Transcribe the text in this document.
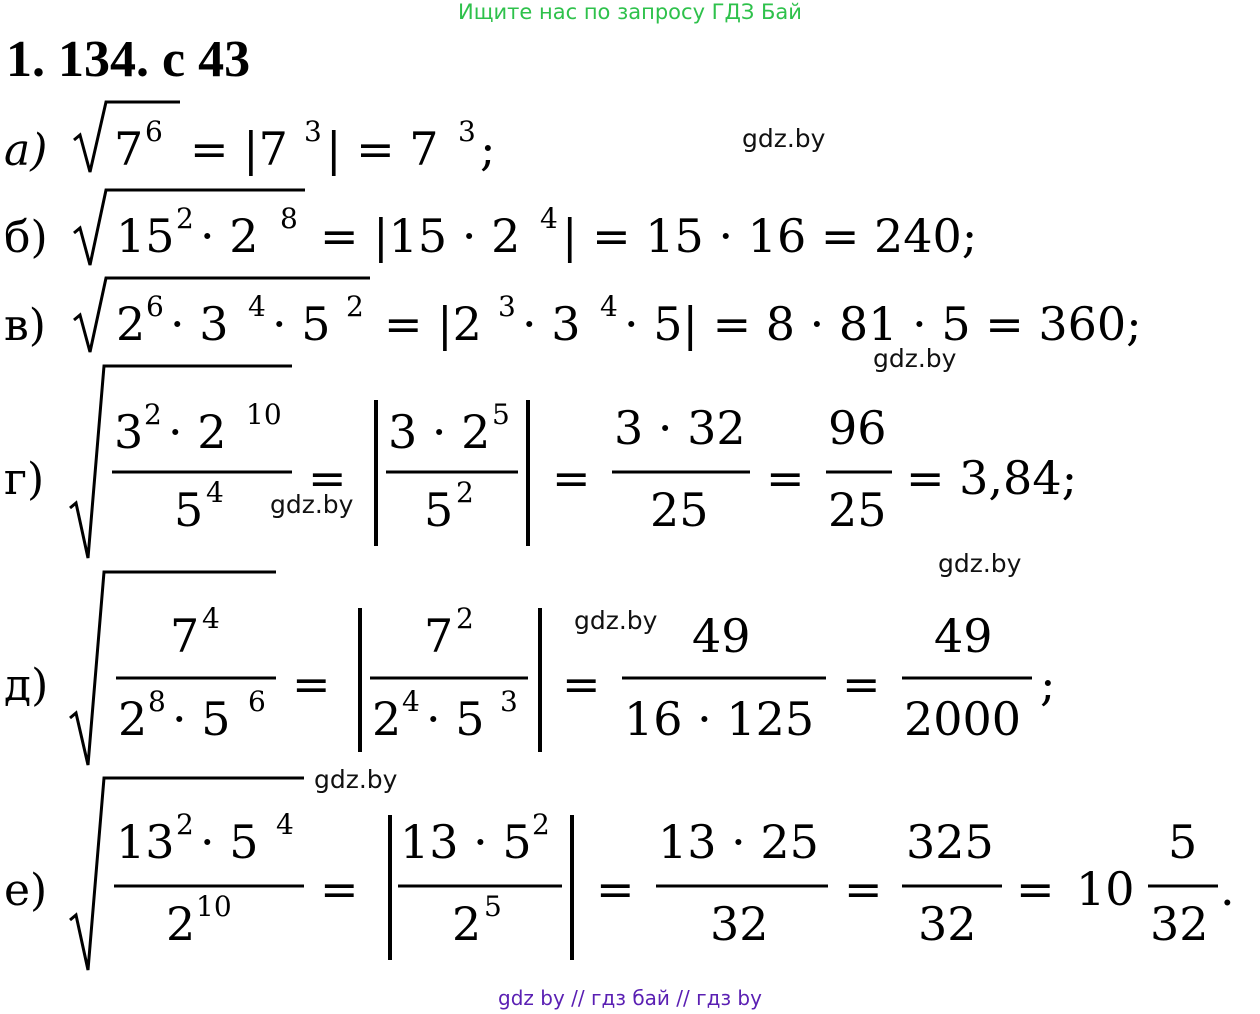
Ищите нас по запросу ГДЗ Бай
1. 134. с 43
gdz.by
gdz.by
gdz.by
gdz.by
gdz.by
gdz.by
a) 7 6 = |7 3 | = 7 3 ;
б) 15 2 · 2 8 = |15 · 2 4 | = 15 · 16 = 240;
в) 2 6 · 3 4 · 5 2 = |2 3 · 3 4 · 5| = 8 · 81 · 5 = 360;
г)
3 2 · 2 10
5 4 =
3 · 2 5
5 2 =
3 · 32
25
=
96
25
= 3,84;
д)
7 4
2 8 · 5 6 =
7 2
2 4 · 5 3 =
49
16 · 125
=
49
2000
;
е)
13 2 · 5 4
2 10 =
13 · 5 2
2 5 =
13 · 25
32
=
325
32
= 10
5
32
.
gdz by // гдз бай // гдз by
